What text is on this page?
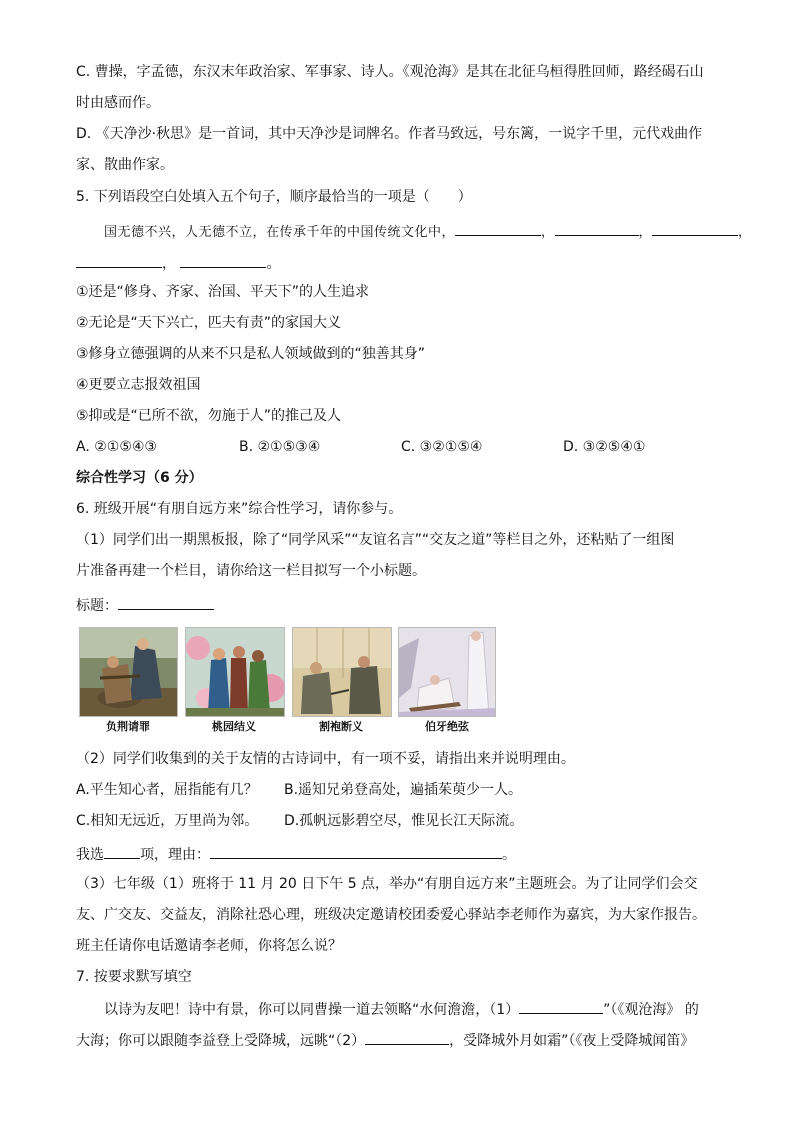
C. 曹操，字孟德，东汉末年政治家、军事家、诗人。《观沧海》是其在北征乌桓得胜回师，路经碣石山
时由感而作。
D. 《天净沙·秋思》是一首词，其中天净沙是词牌名。作者马致远，号东篱，一说字千里，元代戏曲作
家、散曲作家。
5. 下列语段空白处填入五个句子，顺序最恰当的一项是（　　）
国无德不兴，人无德不立，在传承千年的中国传统文化中，	，	，	，
，	。
①还是“修身、齐家、治国、平天下”的人生追求
②无论是“天下兴亡，匹夫有责”的家国大义
③修身立德强调的从来不只是私人领域做到的“独善其身”
④更要立志报效祖国
⑤抑或是“已所不欲，勿施于人”的推己及人
A. ②①⑤④③	B. ②①⑤③④	C. ③②①⑤④	D. ③②⑤④①
综合性学习（6 分）
6. 班级开展“有朋自远方来”综合性学习，请你参与。
（1）同学们出一期黑板报，除了“同学风采”“友谊名言”“交友之道”等栏目之外，还粘贴了一组图
片准备再建一个栏目，请你给这一栏目拟写一个小标题。
标题：
负荆请罪	桃园结义	割袍断义	伯牙绝弦
（2）同学们收集到的关于友情的古诗词中，有一项不妥，请指出来并说明理由。
A.平生知心者，屈指能有几？ B.遥知兄弟登高处，遍插茱萸少一人。
C.相知无远近，万里尚为邻。 D.孤帆远影碧空尽，惟见长江天际流。
我选	项，理由：	。
（3）七年级（1）班将于 11 月 20 日下午 5 点，举办“有朋自远方来”主题班会。为了让同学们会交
友、广交友、交益友，消除社恐心理，班级决定邀请校团委爱心驿站李老师作为嘉宾，为大家作报告。
班主任请你电话邀请李老师，你将怎么说？
7. 按要求默写填空
以诗为友吧！诗中有景，你可以同曹操一道去领略“水何澹澹，（1）	”（《观沧海》 的
大海；你可以跟随李益登上受降城，远眺“（2）	，受降城外月如霜”（《夜上受降城闻笛》
